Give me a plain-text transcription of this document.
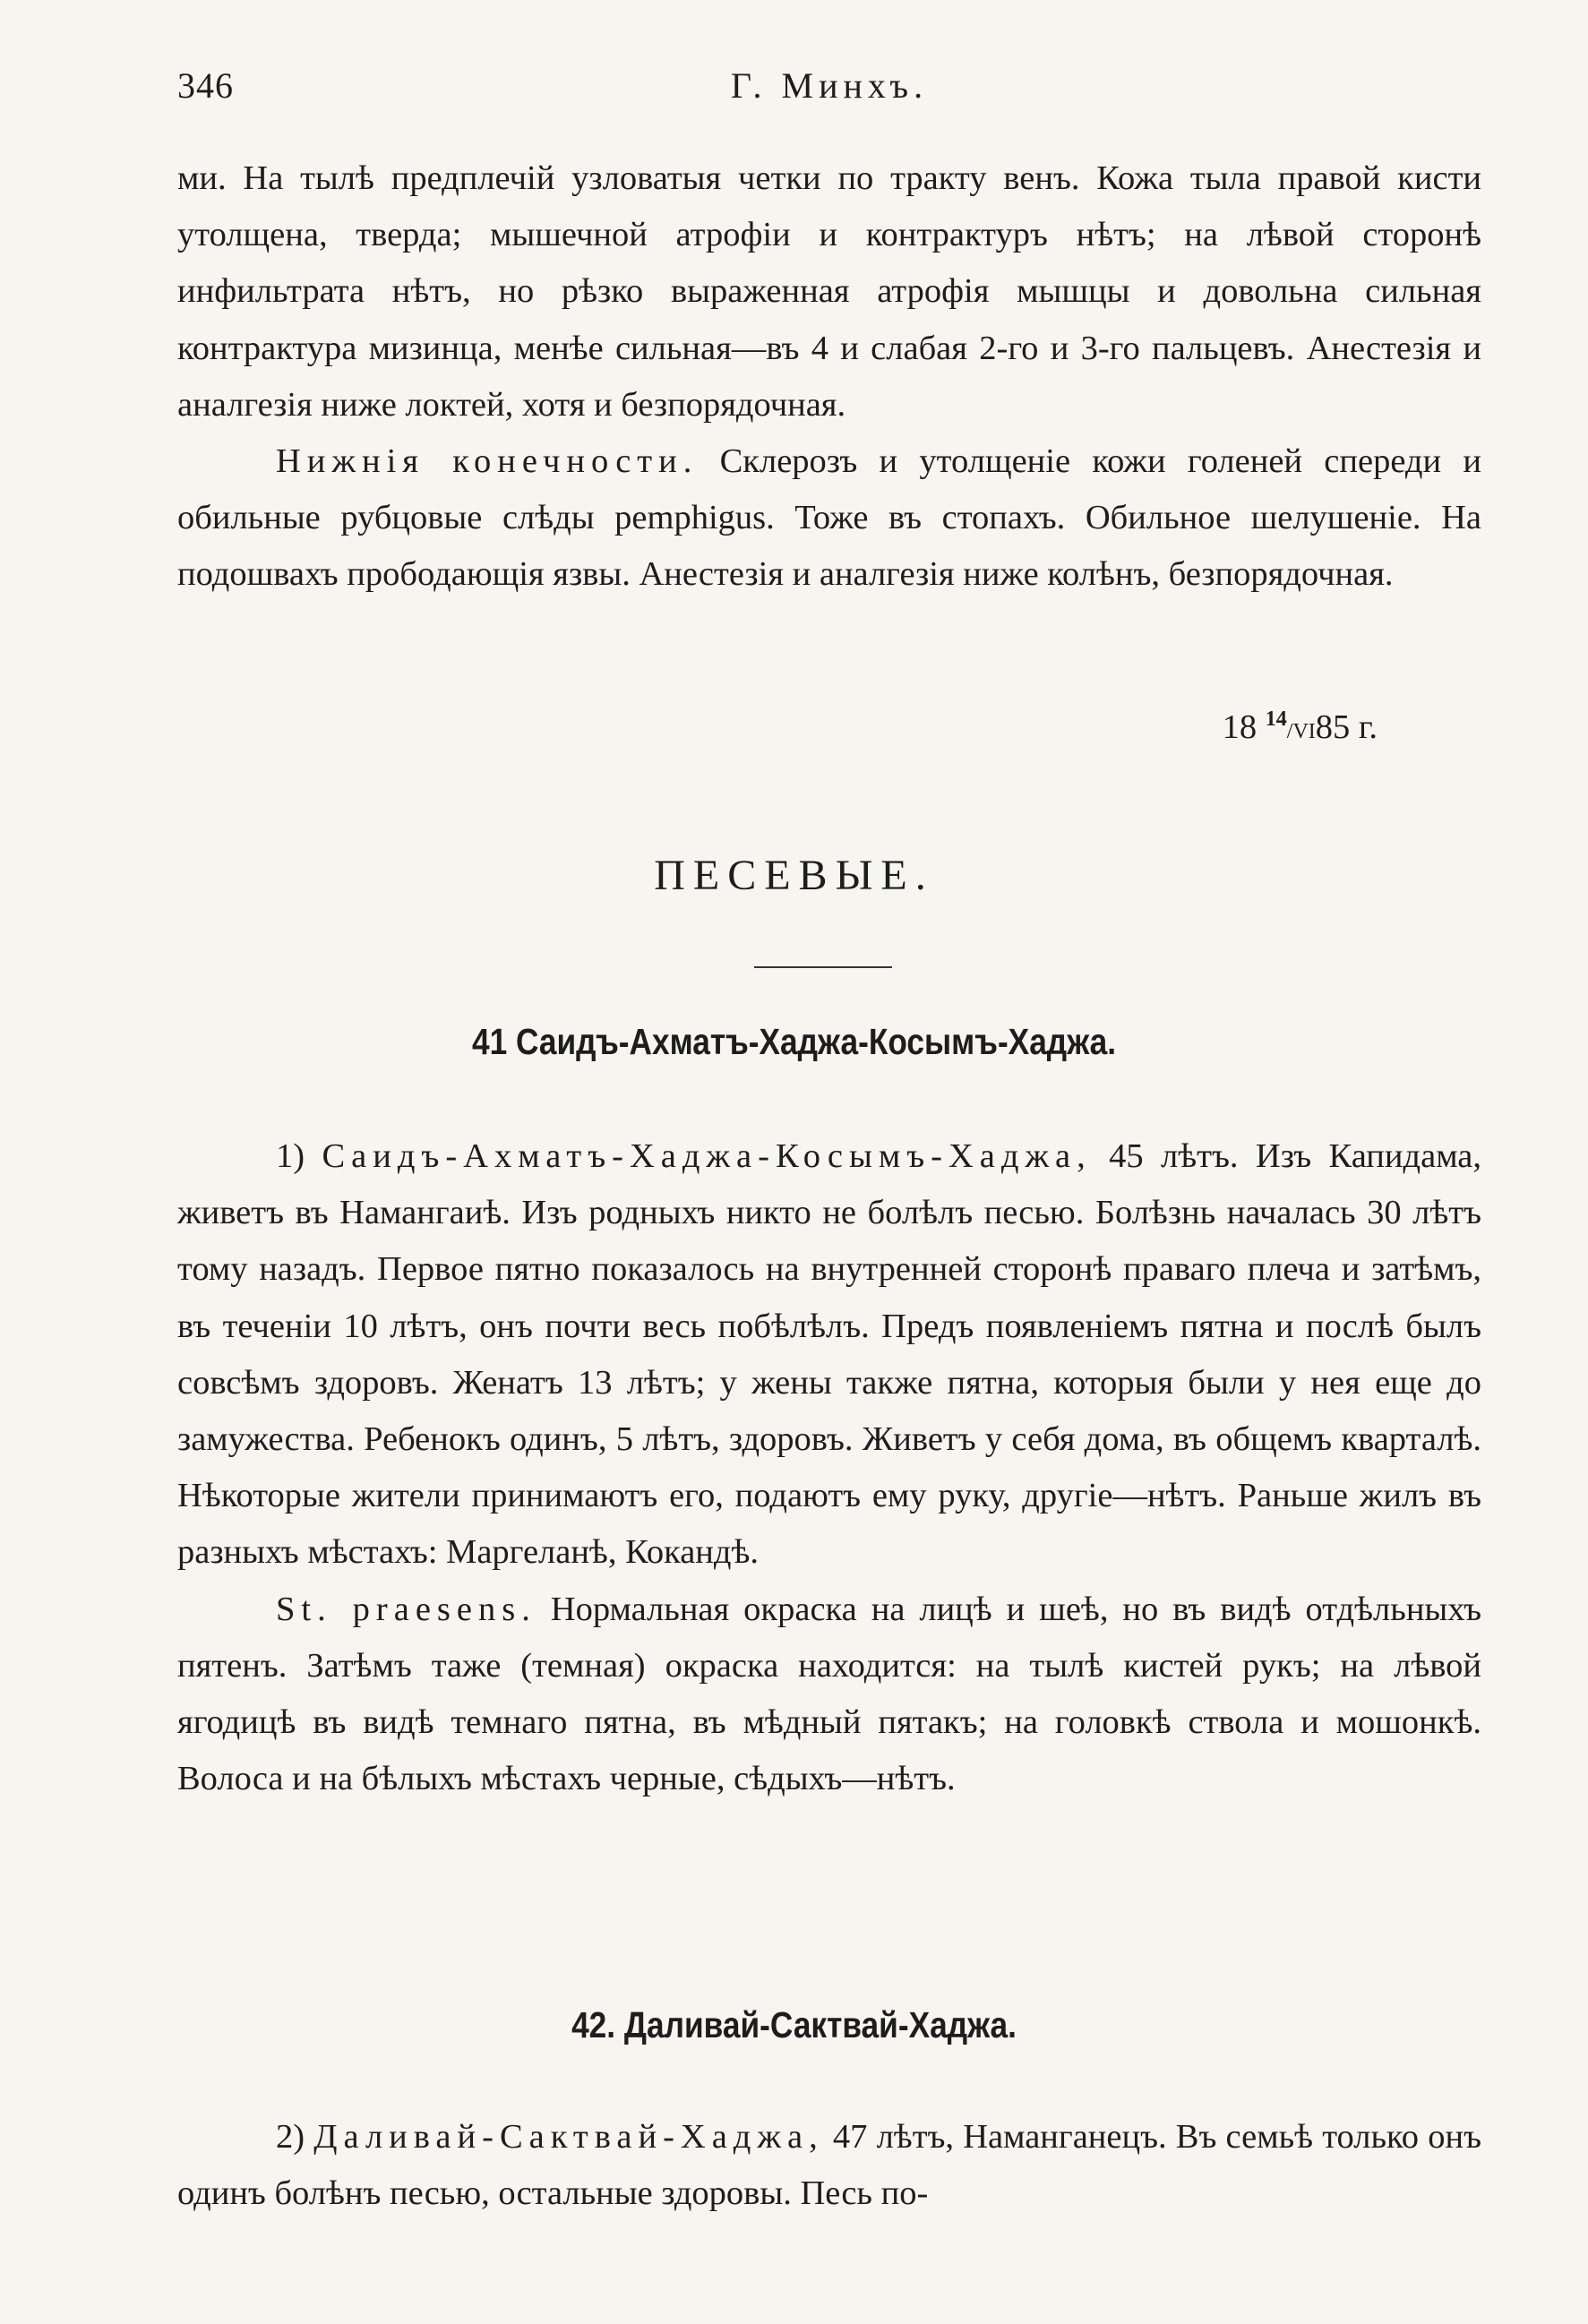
346	Г. Минхъ.

ми. На тылѣ предплечій узловатыя четки по тракту венъ. Кожа тыла правой кисти утолщена, тверда; мышечной атрофіи и контрактуръ нѣтъ; на лѣвой сторонѣ инфильтрата нѣтъ, но рѣзко выраженная атрофія мышцы и довольна сильная контрактура мизинца, менѣе сильная—въ 4 и слабая 2-го и 3-го пальцевъ. Анестезія и аналгезія ниже локтей, хотя и безпорядочная.

Нижнія конечности. Склерозъ и утолщеніе кожи голеней спереди и обильные рубцовые слѣды pemphigus. Тоже въ стопахъ. Обильное шелушеніе. На подошвахъ прободающія язвы. Анестезія и аналгезія ниже колѣнъ, безпорядочная.

18 $^{14}$/VI85 г.
ПЕСЕВЫЕ.
41 Саидъ-Ахматъ-Хаджа-Косымъ-Хаджа.

1) Саидъ-Ахматъ-Хаджа-Косымъ-Хаджа, 45 лѣтъ. Изъ Капидама, живетъ въ Намангаиѣ. Изъ родныхъ никто не болѣлъ песью. Болѣзнь началась 30 лѣтъ тому назадъ. Первое пятно показалось на внутренней сторонѣ праваго плеча и затѣмъ, въ теченіи 10 лѣтъ, онъ почти весь побѣлѣлъ. Предъ появленіемъ пятна и послѣ былъ совсѣмъ здоровъ. Женатъ 13 лѣтъ; у жены также пятна, которыя были у нея еще до замужества. Ребенокъ одинъ, 5 лѣтъ, здоровъ. Живетъ у себя дома, въ общемъ кварталѣ. Нѣкоторые жители принимаютъ его, подаютъ ему руку, другіе—нѣтъ. Раньше жилъ въ разныхъ мѣстахъ: Маргеланѣ, Кокандѣ.

St. praesens. Нормальная окраска на лицѣ и шеѣ, но въ видѣ отдѣльныхъ пятенъ. Затѣмъ таже (темная) окраска находится: на тылѣ кистей рукъ; на лѣвой ягодицѣ въ видѣ темнаго пятна, въ мѣдный пятакъ; на головкѣ ствола и мошонкѣ. Волоса и на бѣлыхъ мѣстахъ черные, сѣдыхъ—нѣтъ.

42. Даливай-Сактвай-Хаджа.

2) Даливай-Сактвай-Хаджа, 47 лѣтъ, Наманганецъ. Въ семьѣ только онъ одинъ болѣнъ песью, остальные здоровы. Песь по-
